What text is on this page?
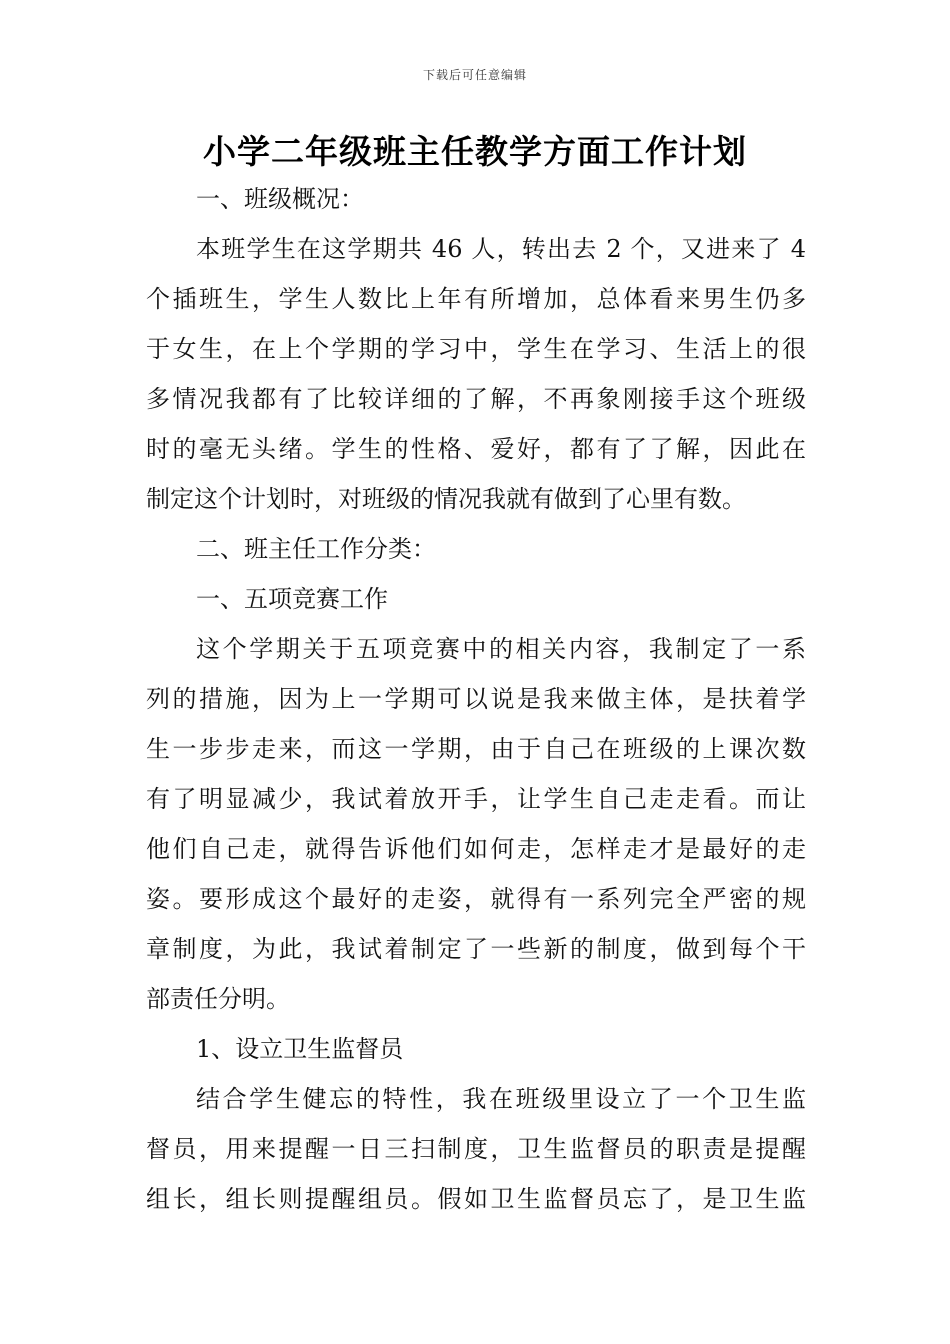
下载后可任意编辑
小学二年级班主任教学方面工作计划
一、班级概况：
本班学生在这学期共 46 人，转出去 2 个，又进来了 4
个插班生，学生人数比上年有所增加，总体看来男生仍多
于女生，在上个学期的学习中，学生在学习、生活上的很
多情况我都有了比较详细的了解，不再象刚接手这个班级
时的毫无头绪。学生的性格、爱好，都有了了解，因此在
制定这个计划时，对班级的情况我就有做到了心里有数。
二、班主任工作分类：
一、五项竞赛工作
这个学期关于五项竞赛中的相关内容，我制定了一系
列的措施，因为上一学期可以说是我来做主体，是扶着学
生一步步走来，而这一学期，由于自己在班级的上课次数
有了明显减少，我试着放开手，让学生自己走走看。而让
他们自己走，就得告诉他们如何走，怎样走才是最好的走
姿。要形成这个最好的走姿，就得有一系列完全严密的规
章制度，为此，我试着制定了一些新的制度，做到每个干
部责任分明。
1、设立卫生监督员
结合学生健忘的特性，我在班级里设立了一个卫生监
督员，用来提醒一日三扫制度，卫生监督员的职责是提醒
组长，组长则提醒组员。假如卫生监督员忘了，是卫生监
